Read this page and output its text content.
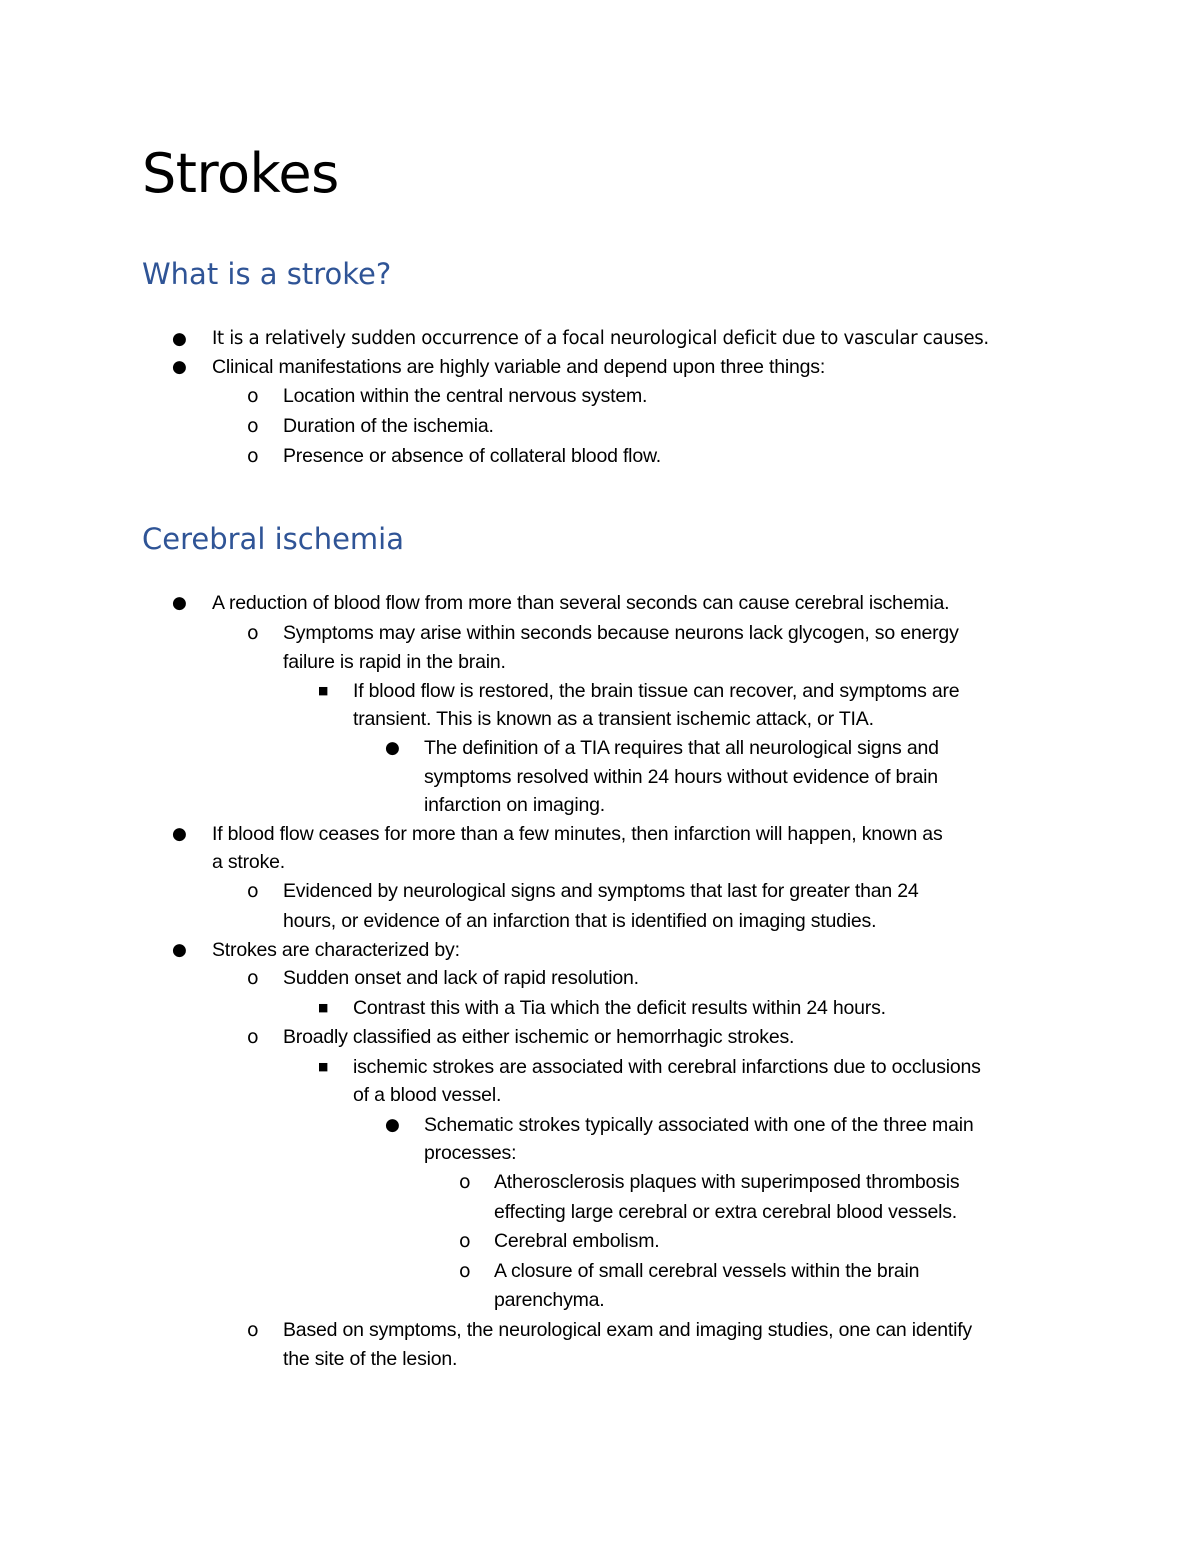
Strokes
What is a stroke?
● It is a relatively sudden occurrence of a focal neurological deficit due to vascular causes.
● Clinical manifestations are highly variable and depend upon three things:
o Location within the central nervous system.
o Duration of the ischemia.
o Presence or absence of collateral blood flow.
Cerebral ischemia
● A reduction of blood flow from more than several seconds can cause cerebral ischemia.
o Symptoms may arise within seconds because neurons lack glycogen, so energy
failure is rapid in the brain.
■ If blood flow is restored, the brain tissue can recover, and symptoms are
transient. This is known as a transient ischemic attack, or TIA.
● The definition of a TIA requires that all neurological signs and
symptoms resolved within 24 hours without evidence of brain
infarction on imaging.
● If blood flow ceases for more than a few minutes, then infarction will happen, known as
a stroke.
o Evidenced by neurological signs and symptoms that last for greater than 24
hours, or evidence of an infarction that is identified on imaging studies.
● Strokes are characterized by:
o Sudden onset and lack of rapid resolution.
■ Contrast this with a Tia which the deficit results within 24 hours.
o Broadly classified as either ischemic or hemorrhagic strokes.
■ ischemic strokes are associated with cerebral infarctions due to occlusions
of a blood vessel.
● Schematic strokes typically associated with one of the three main
processes:
o Atherosclerosis plaques with superimposed thrombosis
effecting large cerebral or extra cerebral blood vessels.
o Cerebral embolism.
o A closure of small cerebral vessels within the brain
parenchyma.
o Based on symptoms, the neurological exam and imaging studies, one can identify
the site of the lesion.
